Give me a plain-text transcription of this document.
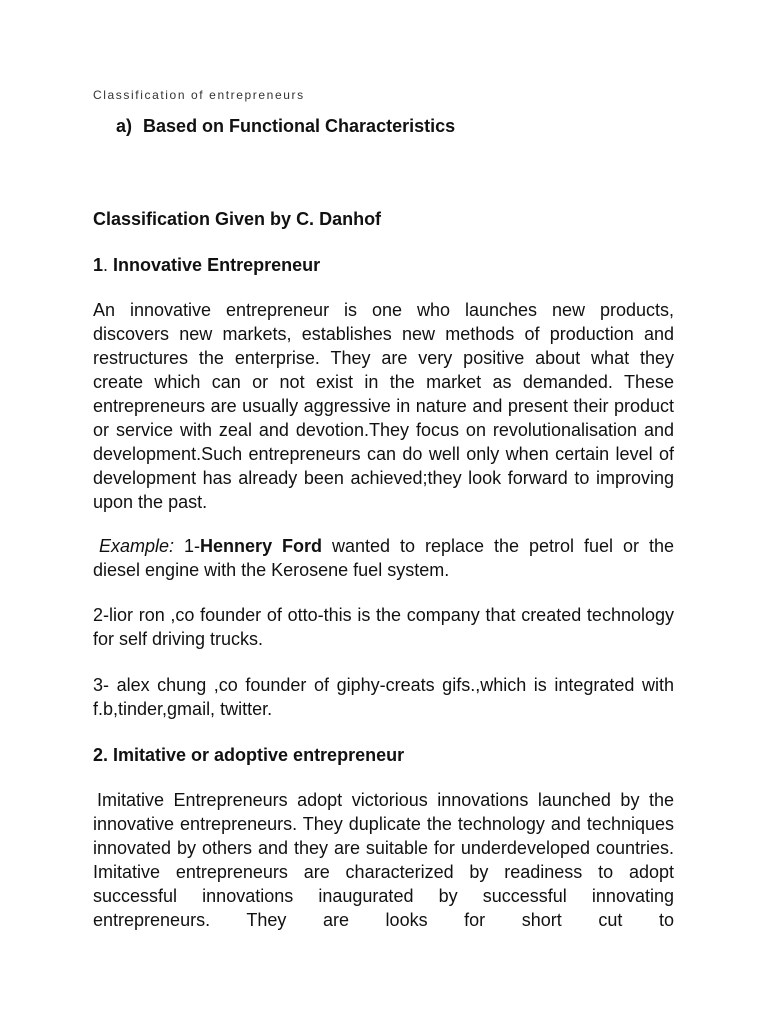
Classification of entrepreneurs
a) Based on Functional Characteristics
Classification Given by C. Danhof
1. Innovative Entrepreneur

An innovative entrepreneur is one who launches new products, discovers new markets, establishes new methods of production and restructures the enterprise. They are very positive about what they create which can or not exist in the market as demanded. These entrepreneurs are usually aggressive in nature and present their product or service with zeal and devotion.They focus on revolutionalisation and development.Such entrepreneurs can do well only when certain level of development has already been achieved;they look forward to improving upon the past.

Example: 1-Hennery Ford wanted to replace the petrol fuel or the diesel engine with the Kerosene fuel system.

2-lior ron ,co founder of otto-this is the company that created technology for self driving trucks.

3- alex chung ,co founder of giphy-creats gifs.,which is integrated with f.b,tinder,gmail, twitter.

2. Imitative or adoptive entrepreneur

Imitative Entrepreneurs adopt victorious innovations launched by the innovative entrepreneurs. They duplicate the technology and techniques innovated by others and they are suitable for underdeveloped countries. Imitative entrepreneurs are characterized by readiness to adopt successful innovations inaugurated by successful innovating entrepreneurs. They are looks for short cut to
